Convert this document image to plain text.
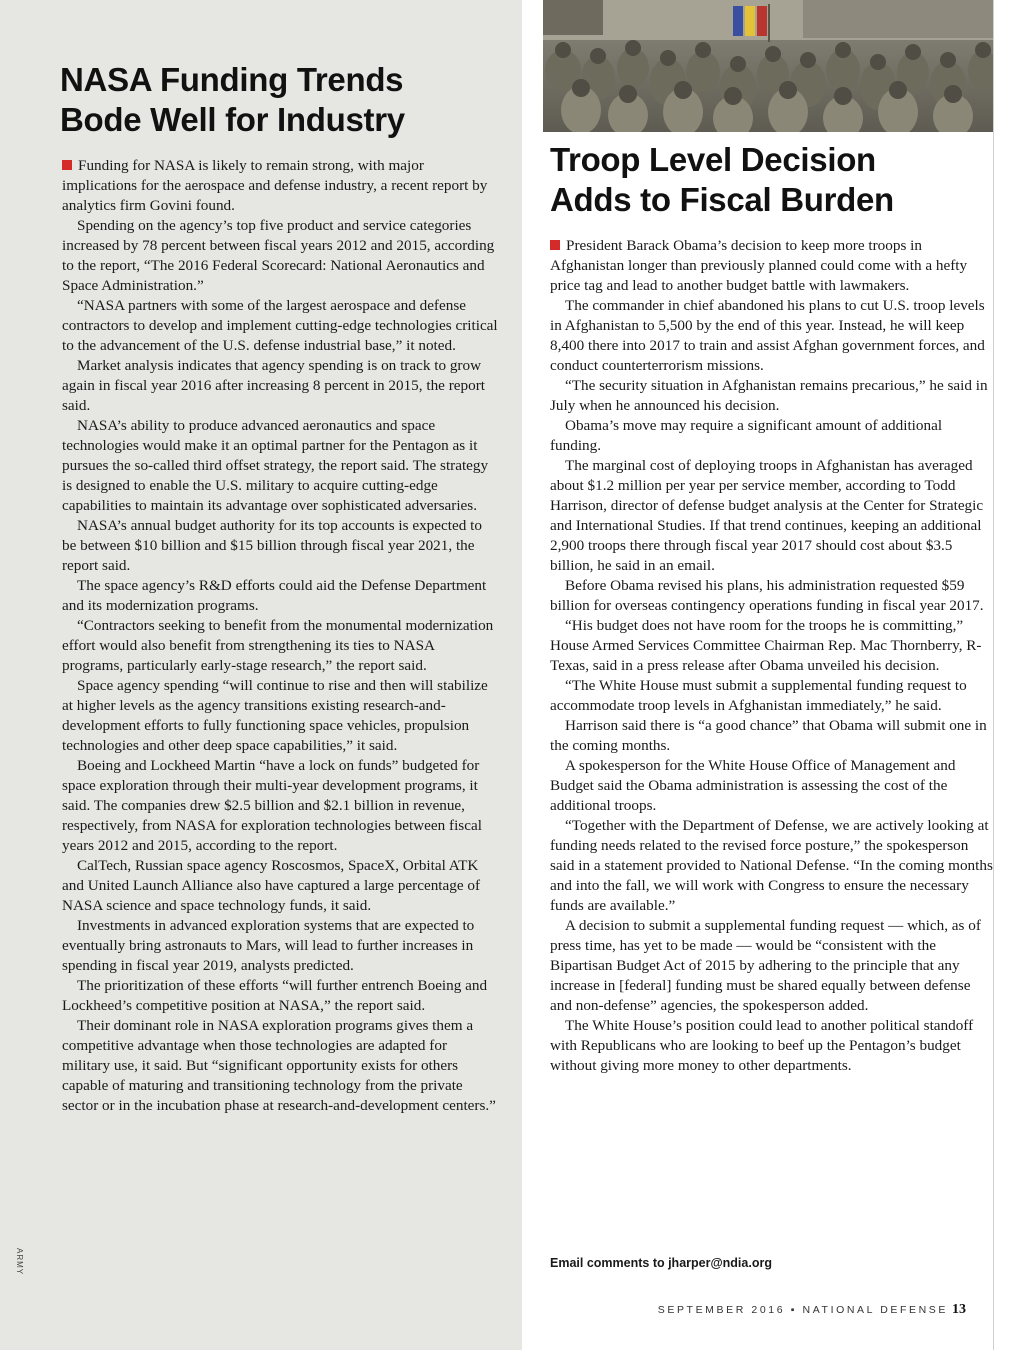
NASA Funding Trends
Bode Well for Industry

Funding for NASA is likely to remain strong, with major implications for the aerospace and defense industry, a recent report by analytics firm Govini found.

Spending on the agency’s top five product and service categories increased by 78 percent between fiscal years 2012 and 2015, according to the report, “The 2016 Federal Scorecard: National Aeronautics and Space Administration.”

“NASA partners with some of the largest aerospace and defense contractors to develop and implement cutting-edge technologies critical to the advancement of the U.S. defense industrial base,” it noted.

Market analysis indicates that agency spending is on track to grow again in fiscal year 2016 after increasing 8 percent in 2015, the report said.

NASA’s ability to produce advanced aeronautics and space technologies would make it an optimal partner for the Pentagon as it pursues the so-called third offset strategy, the report said. The strategy is designed to enable the U.S. military to acquire cutting-edge capabilities to maintain its advantage over sophisticated adversaries.

NASA’s annual budget authority for its top accounts is expected to be between $10 billion and $15 billion through fiscal year 2021, the report said.

The space agency’s R&D efforts could aid the Defense Department and its modernization programs.

“Contractors seeking to benefit from the monumental modernization effort would also benefit from strengthening its ties to NASA programs, particularly early-stage research,” the report said.

Space agency spending “will continue to rise and then will stabilize at higher levels as the agency transitions existing research-and-development efforts to fully functioning space vehicles, propulsion technologies and other deep space capabilities,” it said.

Boeing and Lockheed Martin “have a lock on funds” budgeted for space exploration through their multi-year development programs, it said. The companies drew $2.5 billion and $2.1 billion in revenue, respectively, from NASA for exploration technologies between fiscal years 2012 and 2015, according to the report.

CalTech, Russian space agency Roscosmos, SpaceX, Orbital ATK and United Launch Alliance also have captured a large percentage of NASA science and space technology funds, it said.

Investments in advanced exploration systems that are expected to eventually bring astronauts to Mars, will lead to further increases in spending in fiscal year 2019, analysts predicted.

The prioritization of these efforts “will further entrench Boeing and Lockheed’s competitive position at NASA,” the report said.

Their dominant role in NASA exploration programs gives them a competitive advantage when those technologies are adapted for military use, it said. But “significant opportunity exists for others capable of maturing and transitioning technology from the private sector or in the incubation phase at research-and-development centers.”

ARMY
Troop Level Decision
Adds to Fiscal Burden

President Barack Obama’s decision to keep more troops in Afghanistan longer than previously planned could come with a hefty price tag and lead to another budget battle with lawmakers.

The commander in chief abandoned his plans to cut U.S. troop levels in Afghanistan to 5,500 by the end of this year. Instead, he will keep 8,400 there into 2017 to train and assist Afghan government forces, and conduct counterterrorism missions.

“The security situation in Afghanistan remains precarious,” he said in July when he announced his decision.

Obama’s move may require a significant amount of additional funding.

The marginal cost of deploying troops in Afghanistan has averaged about $1.2 million per year per service member, according to Todd Harrison, director of defense budget analysis at the Center for Strategic and International Studies. If that trend continues, keeping an additional 2,900 troops there through fiscal year 2017 should cost about $3.5 billion, he said in an email.

Before Obama revised his plans, his administration requested $59 billion for overseas contingency operations funding in fiscal year 2017.

“His budget does not have room for the troops he is committing,” House Armed Services Committee Chairman Rep. Mac Thornberry, R-Texas, said in a press release after Obama unveiled his decision.

“The White House must submit a supplemental funding request to accommodate troop levels in Afghanistan immediately,” he said.

Harrison said there is “a good chance” that Obama will submit one in the coming months.

A spokesperson for the White House Office of Management and Budget said the Obama administration is assessing the cost of the additional troops.

“Together with the Department of Defense, we are actively looking at funding needs related to the revised force posture,” the spokesperson said in a statement provided to National Defense. “In the coming months and into the fall, we will work with Congress to ensure the necessary funds are available.”

A decision to submit a supplemental funding request — which, as of press time, has yet to be made — would be “consistent with the Bipartisan Budget Act of 2015 by adhering to the principle that any increase in [federal] funding must be shared equally between defense and non-defense” agencies, the spokesperson added.

The White House’s position could lead to another political standoff with Republicans who are looking to beef up the Pentagon’s budget without giving more money to other departments.

Email comments to jharper@ndia.org
SEPTEMBER 2016 ▪ NATIONAL DEFENSE 13
